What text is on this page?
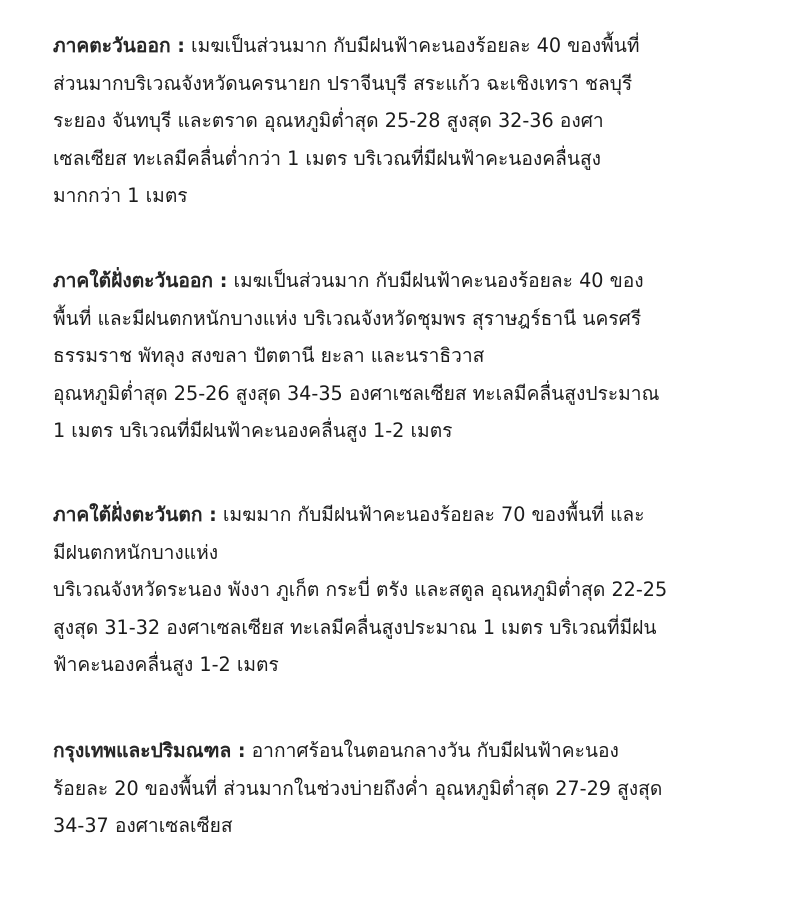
ภาคตะวันออก : เมฆเป็นส่วนมาก กับมีฝนฟ้าคะนองร้อยละ 40 ของพื้นที่
ส่วนมากบริเวณจังหวัดนครนายก ปราจีนบุรี สระแก้ว ฉะเชิงเทรา ชลบุรี
ระยอง จันทบุรี และตราด อุณหภูมิต่ำสุด 25-28 สูงสุด 32-36 องศา
เซลเซียส ทะเลมีคลื่นต่ำกว่า 1 เมตร บริเวณที่มีฝนฟ้าคะนองคลื่นสูง
มากกว่า 1 เมตร
ภาคใต้ฝั่งตะวันออก : เมฆเป็นส่วนมาก กับมีฝนฟ้าคะนองร้อยละ 40 ของ
พื้นที่ และมีฝนตกหนักบางแห่ง บริเวณจังหวัดชุมพร สุราษฎร์ธานี นครศรี
ธรรมราช พัทลุง สงขลา ปัตตานี ยะลา และนราธิวาส
อุณหภูมิต่ำสุด 25-26 สูงสุด 34-35 องศาเซลเซียส ทะเลมีคลื่นสูงประมาณ
1 เมตร บริเวณที่มีฝนฟ้าคะนองคลื่นสูง 1-2 เมตร
ภาคใต้ฝั่งตะวันตก : เมฆมาก กับมีฝนฟ้าคะนองร้อยละ 70 ของพื้นที่ และ
มีฝนตกหนักบางแห่ง
บริเวณจังหวัดระนอง พังงา ภูเก็ต กระบี่ ตรัง และสตูล อุณหภูมิต่ำสุด 22-25
สูงสุด 31-32 องศาเซลเซียส ทะเลมีคลื่นสูงประมาณ 1 เมตร บริเวณที่มีฝน
ฟ้าคะนองคลื่นสูง 1-2 เมตร
กรุงเทพและปริมณฑล : อากาศร้อนในตอนกลางวัน กับมีฝนฟ้าคะนอง
ร้อยละ 20 ของพื้นที่ ส่วนมากในช่วงบ่ายถึงค่ำ อุณหภูมิต่ำสุด 27-29 สูงสุด
34-37 องศาเซลเซียส
